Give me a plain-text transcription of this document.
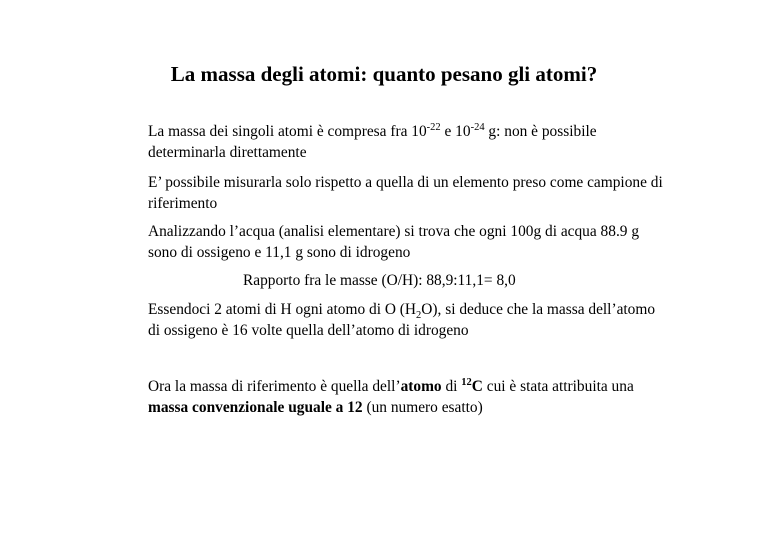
La massa degli atomi: quanto pesano gli atomi?

La massa dei singoli atomi è compresa fra $10^{-22}$ e $10^{-24}$ g: non è possibile determinarla direttamente

E’ possibile misurarla solo rispetto a quella di un elemento preso come campione di riferimento

Analizzando l’acqua (analisi elementare) si trova che ogni 100g di acqua 88.9 g sono di ossigeno e 11,1 g sono di idrogeno

Rapporto fra le masse (O/H): 88,9:11,1= 8,0

Essendoci 2 atomi di H ogni atomo di O $(H_2O)$, si deduce che la massa dell’atomo di ossigeno è 16 volte quella dell’atomo di idrogeno

Ora la massa di riferimento è quella dell’atomo di $^{12}$C cui è stata attribuita una massa convenzionale uguale a 12 (un numero esatto)
